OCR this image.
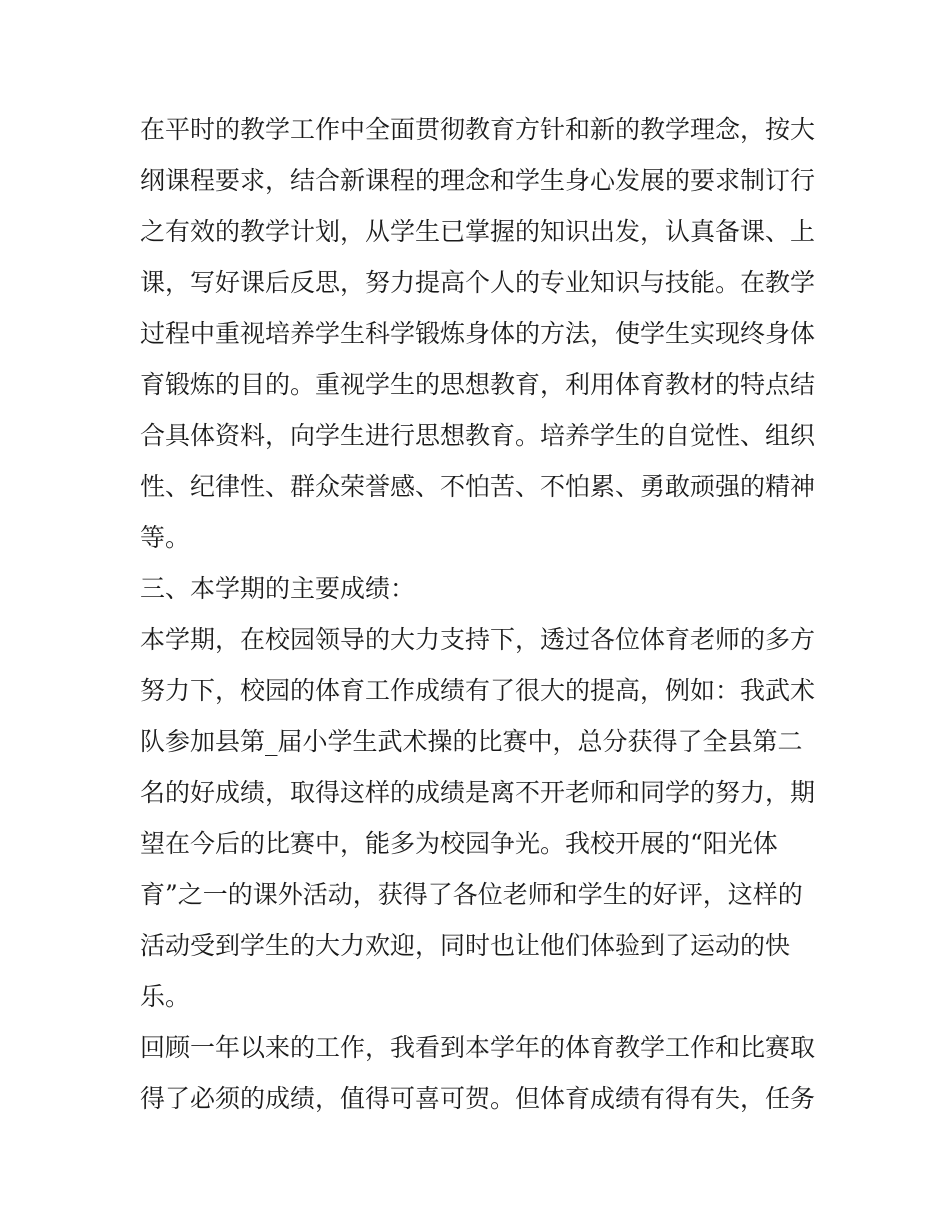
在平时的教学工作中全面贯彻教育方针和新的教学理念，按大
纲课程要求，结合新课程的理念和学生身心发展的要求制订行
之有效的教学计划，从学生已掌握的知识出发，认真备课、上
课，写好课后反思，努力提高个人的专业知识与技能。在教学
过程中重视培养学生科学锻炼身体的方法，使学生实现终身体
育锻炼的目的。重视学生的思想教育，利用体育教材的特点结
合具体资料，向学生进行思想教育。培养学生的自觉性、组织
性、纪律性、群众荣誉感、不怕苦、不怕累、勇敢顽强的精神
等。
三、本学期的主要成绩：
本学期，在校园领导的大力支持下，透过各位体育老师的多方
努力下，校园的体育工作成绩有了很大的提高，例如：我武术
队参加县第_届小学生武术操的比赛中，总分获得了全县第二
名的好成绩，取得这样的成绩是离不开老师和同学的努力，期
望在今后的比赛中，能多为校园争光。我校开展的“阳光体
育”之一的课外活动，获得了各位老师和学生的好评，这样的
活动受到学生的大力欢迎，同时也让他们体验到了运动的快
乐。
回顾一年以来的工作，我看到本学年的体育教学工作和比赛取
得了必须的成绩，值得可喜可贺。但体育成绩有得有失，任务
